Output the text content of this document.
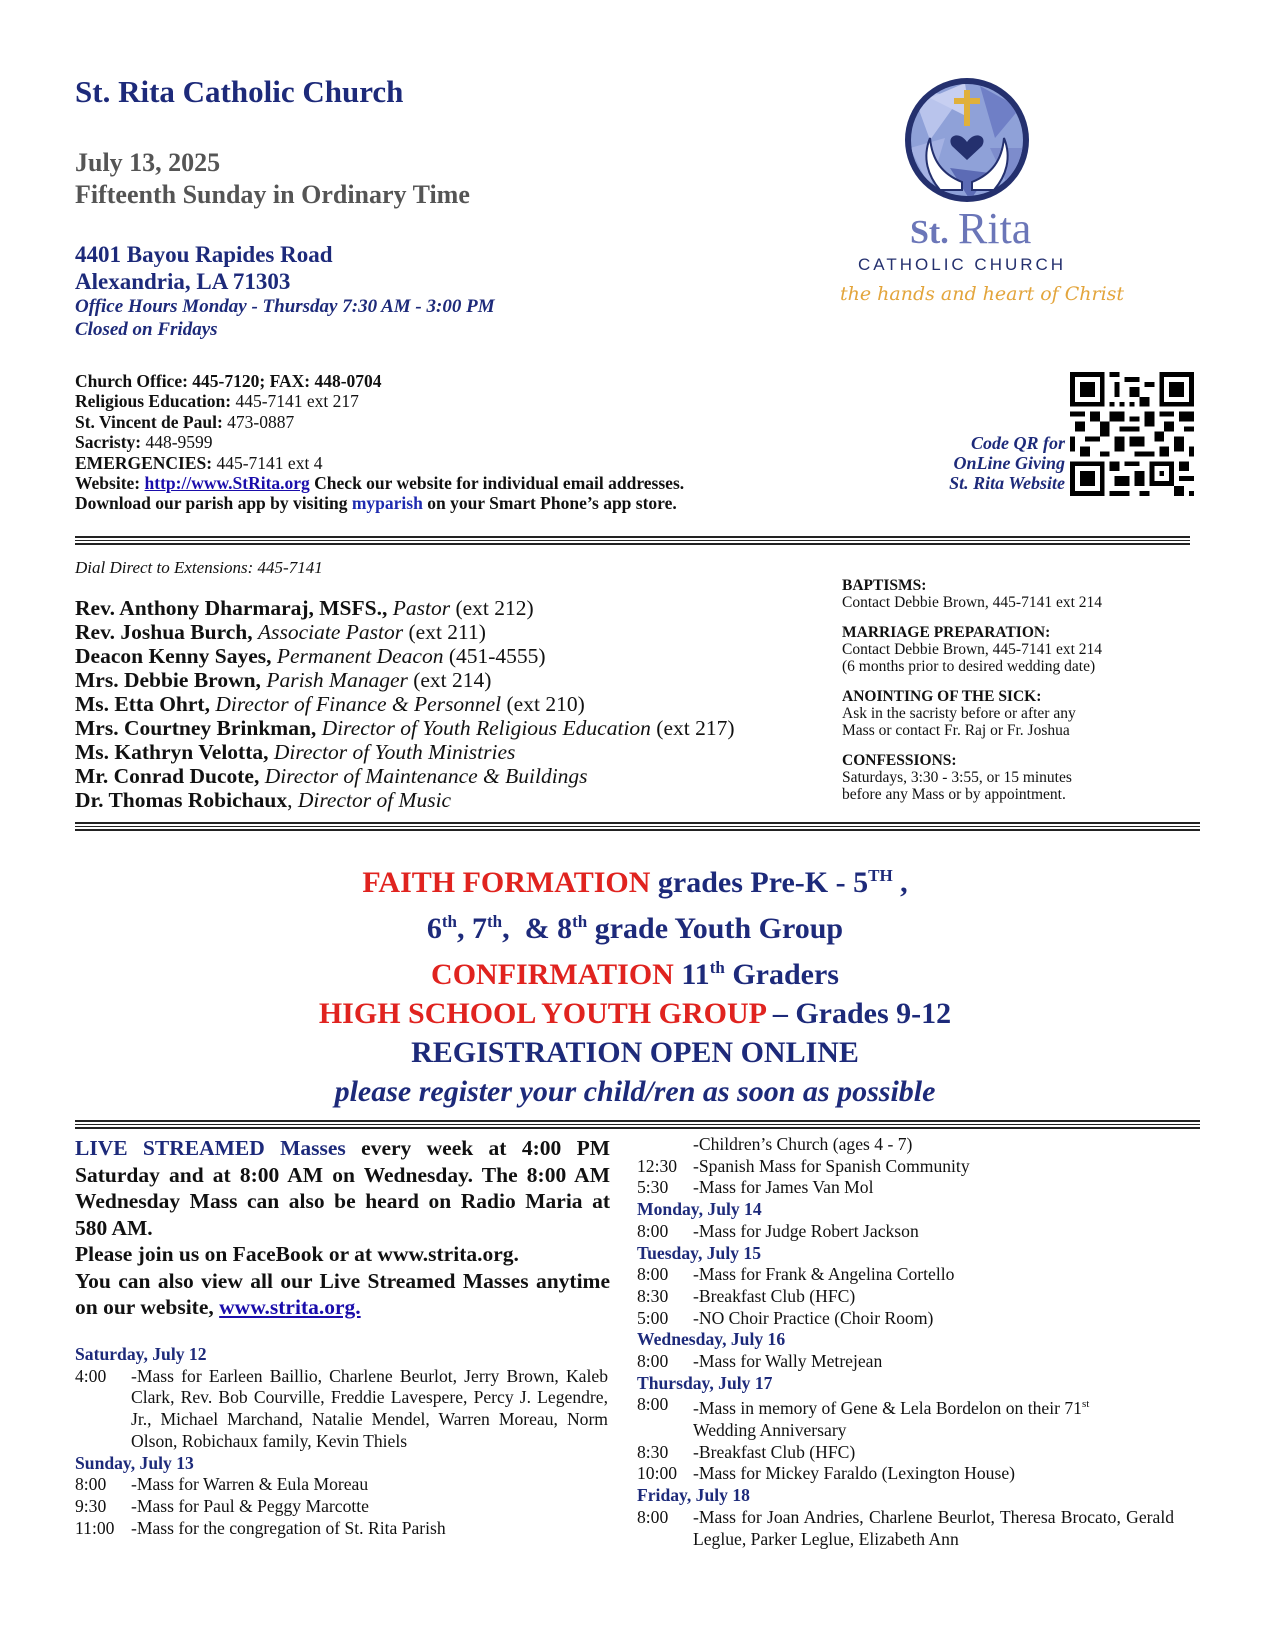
St. Rita Catholic Church
July 13, 2025
Fifteenth Sunday in Ordinary Time
4401 Bayou Rapides Road
Alexandria, LA 71303
Office Hours Monday - Thursday 7:30 AM - 3:00 PM
Closed on Fridays
Church Office: 445-7120; FAX: 448-0704
Religious Education: 445-7141 ext 217
St. Vincent de Paul: 473-0887
Sacristy: 448-9599
EMERGENCIES: 445-7141 ext 4
Website: http://www.StRita.org Check our website for individual email addresses.
Download our parish app by visiting myparish on your Smart Phone’s app store.
St. Rita
CATHOLIC CHURCH
the hands and heart of Christ
Code QR for
OnLine Giving
St. Rita Website
Dial Direct to Extensions: 445-7141
Rev. Anthony Dharmaraj, MSFS., Pastor (ext 212)
Rev. Joshua Burch, Associate Pastor (ext 211)
Deacon Kenny Sayes, Permanent Deacon (451-4555)
Mrs. Debbie Brown, Parish Manager (ext 214)
Ms. Etta Ohrt, Director of Finance & Personnel (ext 210)
Mrs. Courtney Brinkman, Director of Youth Religious Education (ext 217)
Ms. Kathryn Velotta, Director of Youth Ministries
Mr. Conrad Ducote, Director of Maintenance & Buildings
Dr. Thomas Robichaux, Director of Music
BAPTISMS:
Contact Debbie Brown, 445-7141 ext 214
MARRIAGE PREPARATION:
Contact Debbie Brown, 445-7141 ext 214
(6 months prior to desired wedding date)
ANOINTING OF THE SICK:
Ask in the sacristy before or after any
Mass or contact Fr. Raj or Fr. Joshua
CONFESSIONS:
Saturdays, 3:30 - 3:55, or 15 minutes
before any Mass or by appointment.
FAITH FORMATION grades Pre-K - 5TH ,
6th, 7th,  & 8th grade Youth Group
CONFIRMATION 11th Graders
HIGH SCHOOL YOUTH GROUP – Grades 9-12
REGISTRATION OPEN ONLINE
please register your child/ren as soon as possible
LIVE STREAMED Masses every week at 4:00 PM Saturday and at 8:00 AM on Wednesday. The 8:00 AM Wednesday Mass can also be heard on Radio Maria at 580 AM.
Please join us on FaceBook or at www.strita.org.
You can also view all our Live Streamed Masses anytime on our website, www.strita.org.
Saturday, July 12
4:00	-Mass for Earleen Baillio, Charlene Beurlot, Jerry Brown, Kaleb Clark, Rev. Bob Courville, Freddie Lavespere, Percy J. Legendre, Jr., Michael Marchand, Natalie Mendel, Warren Moreau, Norm Olson, Robichaux family, Kevin Thiels
Sunday, July 13
8:00	-Mass for Warren & Eula Moreau
9:30	-Mass for Paul & Peggy Marcotte
11:00 -Mass for the congregation of St. Rita Parish
-Children’s Church (ages 4 - 7)
12:30 -Spanish Mass for Spanish Community
5:30	-Mass for James Van Mol
Monday, July 14
8:00	-Mass for Judge Robert Jackson
Tuesday, July 15
8:00	-Mass for Frank & Angelina Cortello
8:30	-Breakfast Club (HFC)
5:00	-NO Choir Practice (Choir Room)
Wednesday, July 16
8:00	-Mass for Wally Metrejean
Thursday, July 17
8:00	-Mass in memory of Gene & Lela Bordelon on their 71st
Wedding Anniversary
8:30	-Breakfast Club (HFC)
10:00 -Mass for Mickey Faraldo (Lexington House)
Friday, July 18
8:00	-Mass for Joan Andries, Charlene Beurlot, Theresa Brocato, Gerald Leglue, Parker Leglue, Elizabeth Ann
